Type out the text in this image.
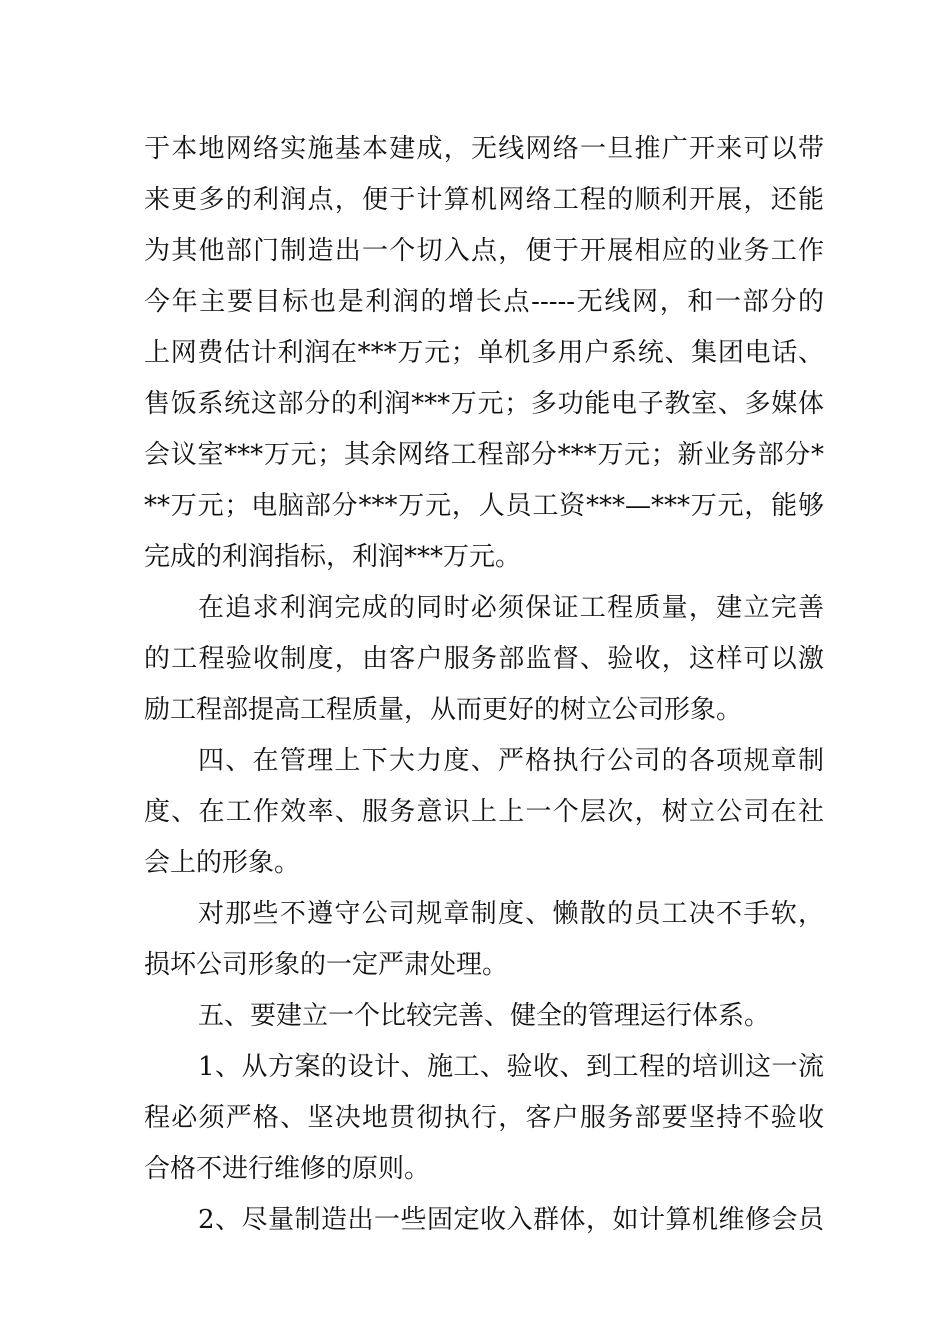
于本地网络实施基本建成，无线网络一旦推广开来可以带
来更多的利润点，便于计算机网络工程的顺利开展，还能
为其他部门制造出一个切入点，便于开展相应的业务工作
今年主要目标也是利润的增长点-----无线网，和一部分的
上网费估计利润在***万元；单机多用户系统、集团电话、
售饭系统这部分的利润***万元；多功能电子教室、多媒体
会议室***万元；其余网络工程部分***万元；新业务部分*
**万元；电脑部分***万元，人员工资***—***万元，能够
完成的利润指标，利润***万元。
在追求利润完成的同时必须保证工程质量，建立完善
的工程验收制度，由客户服务部监督、验收，这样可以激
励工程部提高工程质量，从而更好的树立公司形象。
四、在管理上下大力度、严格执行公司的各项规章制
度、在工作效率、服务意识上上一个层次，树立公司在社
会上的形象。
对那些不遵守公司规章制度、懒散的员工决不手软，
损坏公司形象的一定严肃处理。
五、要建立一个比较完善、健全的管理运行体系。
1、从方案的设计、施工、验收、到工程的培训这一流
程必须严格、坚决地贯彻执行，客户服务部要坚持不验收
合格不进行维修的原则。
2、尽量制造出一些固定收入群体，如计算机维修会员
